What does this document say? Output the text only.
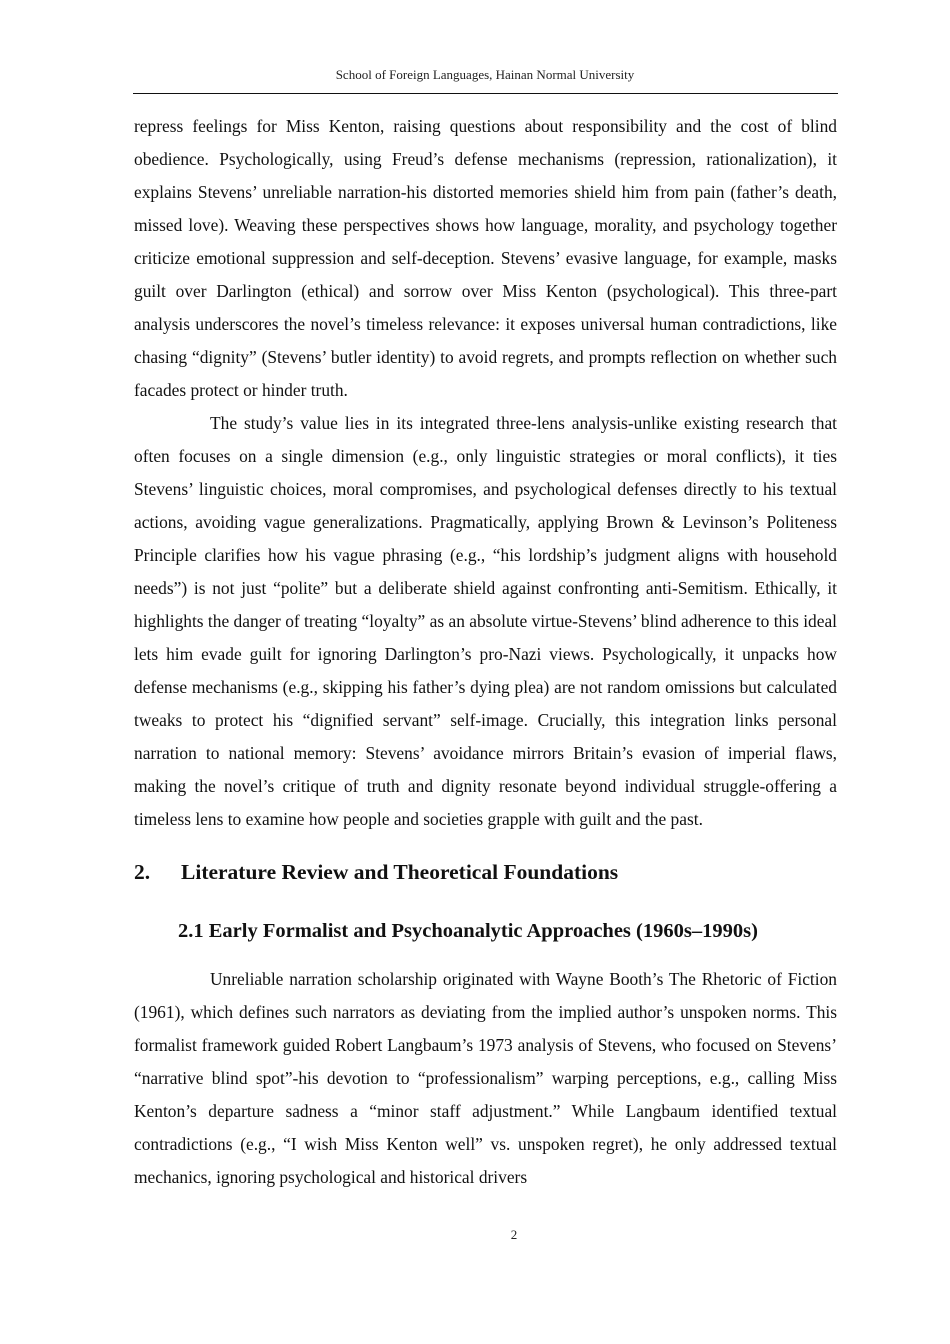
School of Foreign Languages, Hainan Normal University

repress feelings for Miss Kenton, raising questions about responsibility and the cost of blind obedience. Psychologically, using Freud’s defense mechanisms (repression, rationalization), it explains Stevens’ unreliable narration-his distorted memories shield him from pain (father’s death, missed love). Weaving these perspectives shows how language, morality, and psychology together criticize emotional suppression and self-deception. Stevens’ evasive language, for example, masks guilt over Darlington (ethical) and sorrow over Miss Kenton (psychological). This three-part analysis underscores the novel’s timeless relevance: it exposes universal human contradictions, like chasing “dignity” (Stevens’ butler identity) to avoid regrets, and prompts reflection on whether such facades protect or hinder truth.

The study’s value lies in its integrated three-lens analysis-unlike existing research that often focuses on a single dimension (e.g., only linguistic strategies or moral conflicts), it ties Stevens’ linguistic choices, moral compromises, and psychological defenses directly to his textual actions, avoiding vague generalizations. Pragmatically, applying Brown & Levinson’s Politeness Principle clarifies how his vague phrasing (e.g., “his lordship’s judgment aligns with household needs”) is not just “polite” but a deliberate shield against confronting anti-Semitism. Ethically, it highlights the danger of treating “loyalty” as an absolute virtue-Stevens’ blind adherence to this ideal lets him evade guilt for ignoring Darlington’s pro-Nazi views. Psychologically, it unpacks how defense mechanisms (e.g., skipping his father’s dying plea) are not random omissions but calculated tweaks to protect his “dignified servant” self-image. Crucially, this integration links personal narration to national memory: Stevens’ avoidance mirrors Britain’s evasion of imperial flaws, making the novel’s critique of truth and dignity resonate beyond individual struggle-offering a timeless lens to examine how people and societies grapple with guilt and the past.

2.	Literature Review and Theoretical Foundations
2.1 Early Formalist and Psychoanalytic Approaches (1960s–1990s)

Unreliable narration scholarship originated with Wayne Booth’s The Rhetoric of Fiction (1961), which defines such narrators as deviating from the implied author’s unspoken norms. This formalist framework guided Robert Langbaum’s 1973 analysis of Stevens, who focused on Stevens’ “narrative blind spot”-his devotion to “professionalism” warping perceptions, e.g., calling Miss Kenton’s departure sadness a “minor staff adjustment.” While Langbaum identified textual contradictions (e.g., “I wish Miss Kenton well” vs. unspoken regret), he only addressed textual mechanics, ignoring psychological and historical drivers

2
